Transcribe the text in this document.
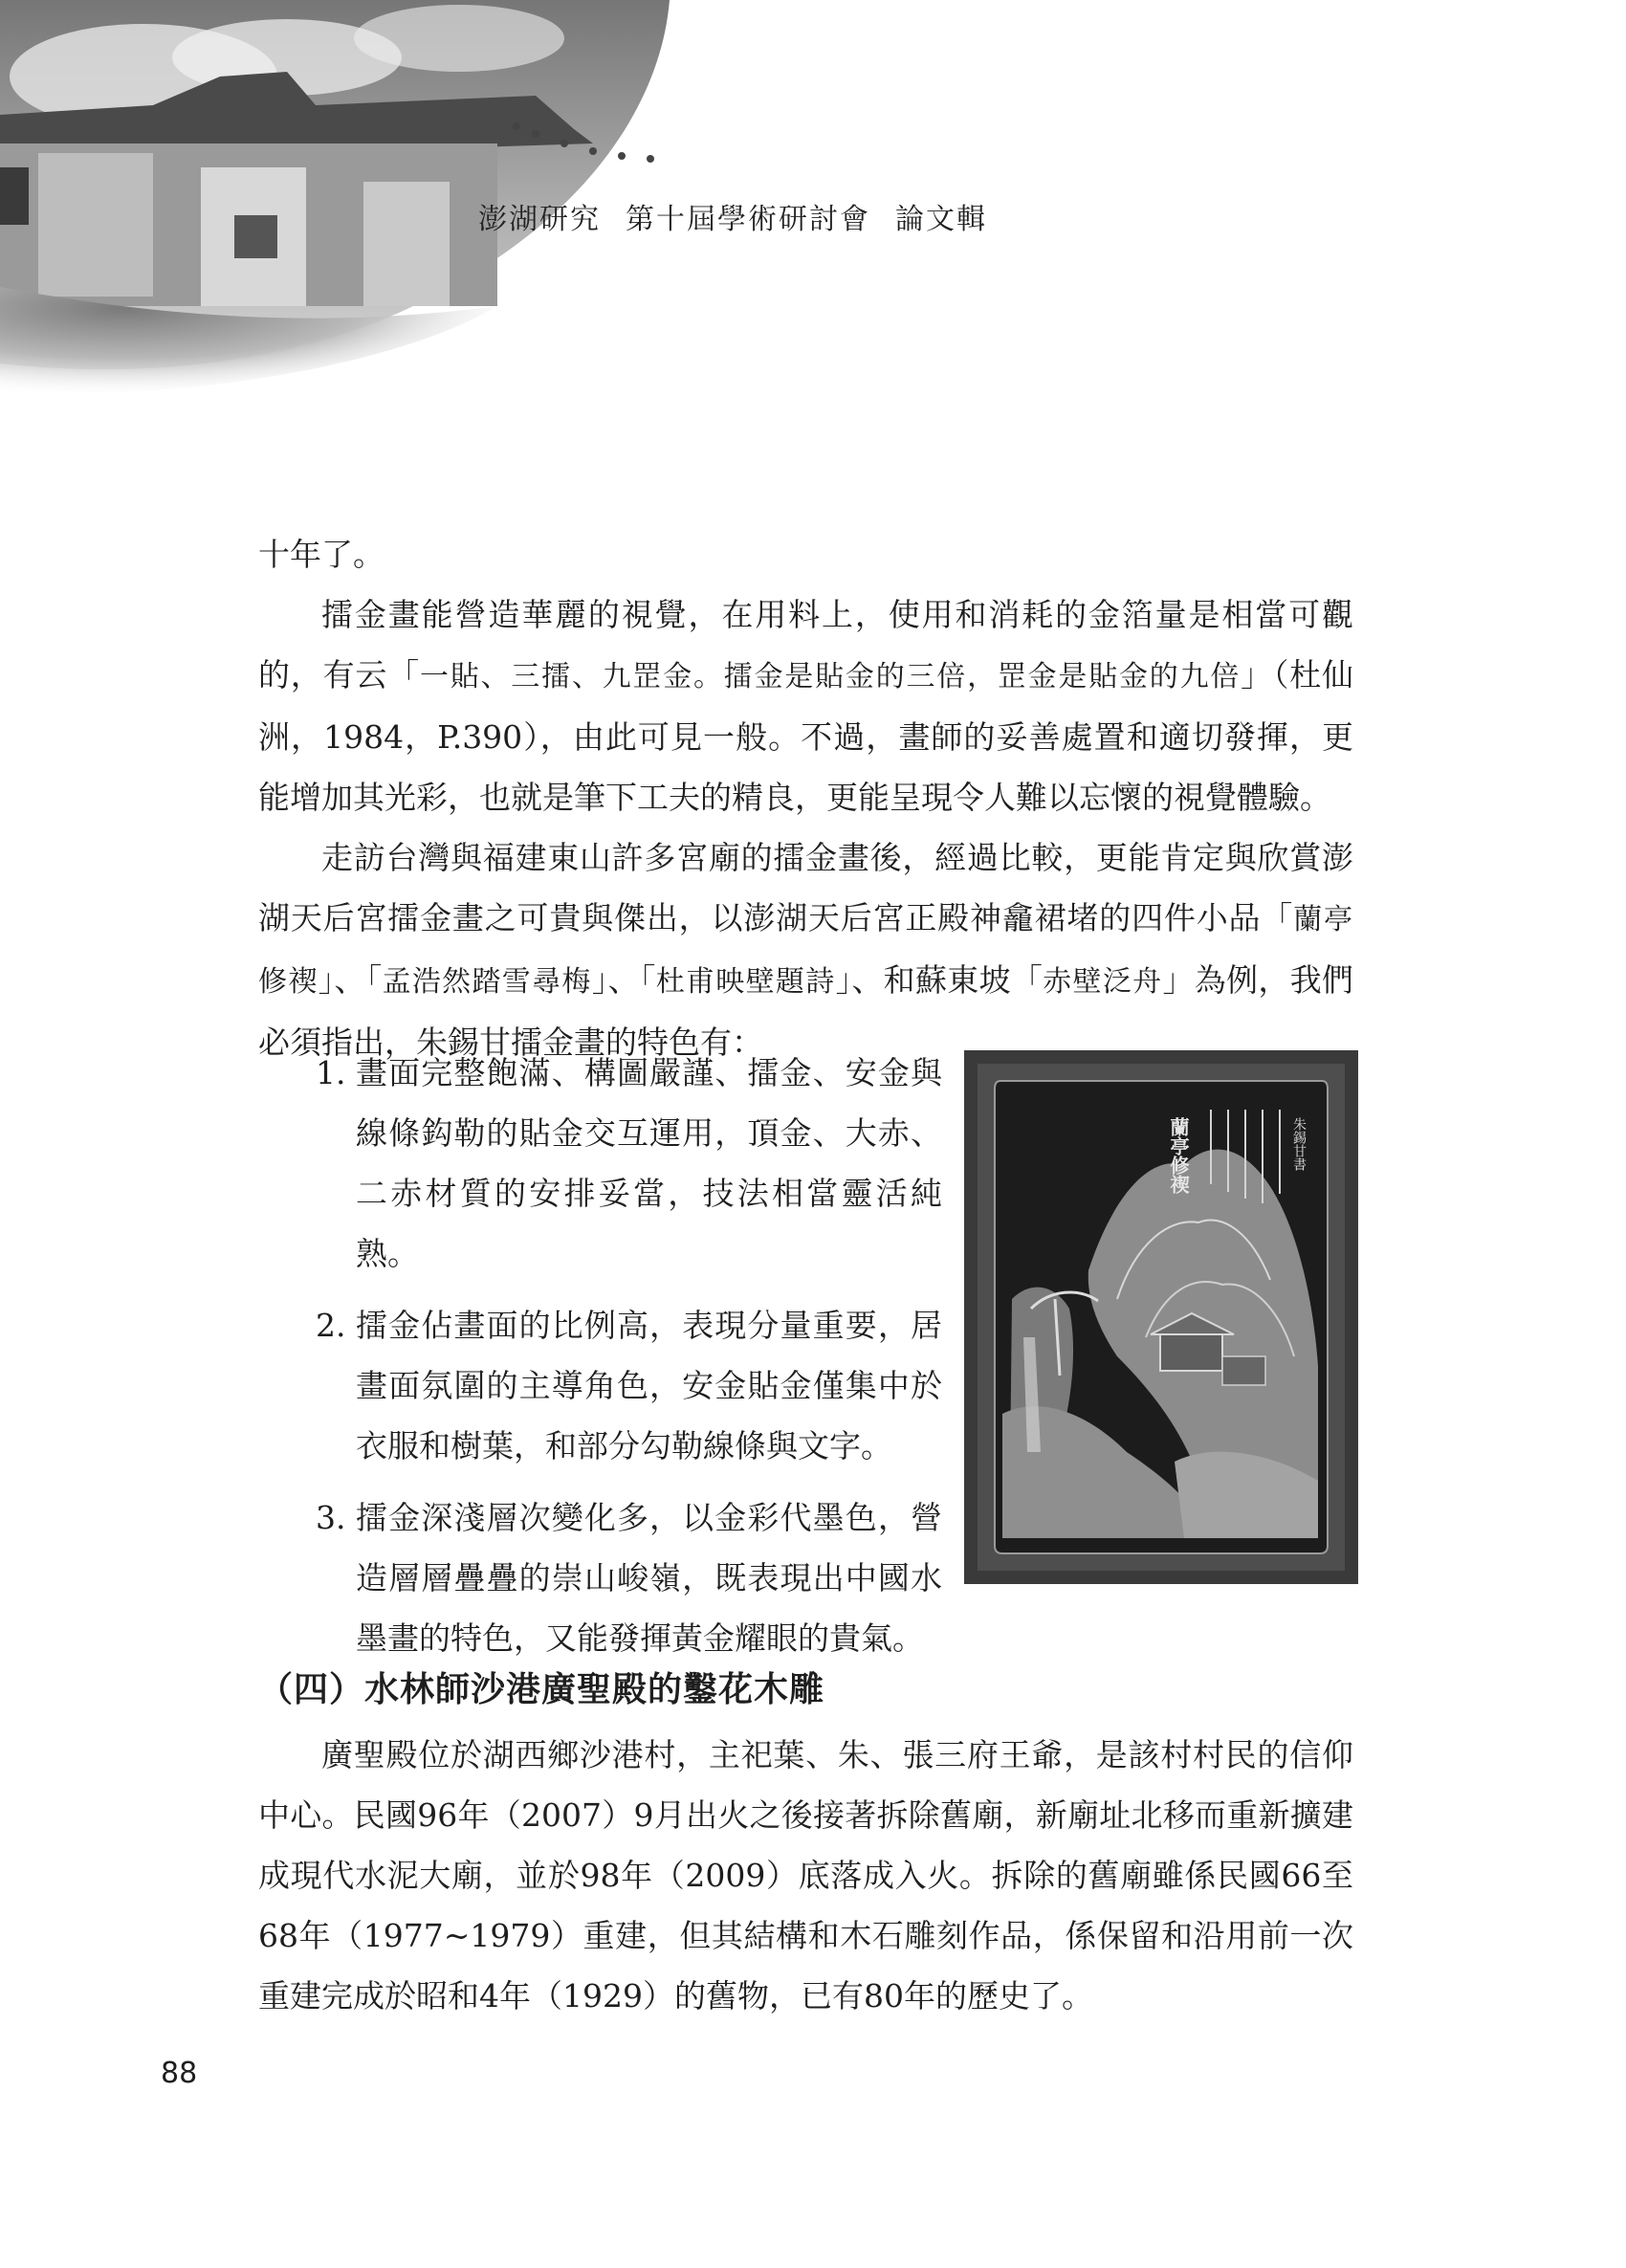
澎湖研究 第十屆學術研討會 論文輯

十年了。

擂金畫能營造華麗的視覺，在用料上，使用和消耗的金箔量是相當可觀的，有云「一貼、三擂、九罡金。擂金是貼金的三倍，罡金是貼金的九倍」（杜仙洲，1984，P.390），由此可見一般。不過，畫師的妥善處置和適切發揮，更能增加其光彩，也就是筆下工夫的精良，更能呈現令人難以忘懷的視覺體驗。

走訪台灣與福建東山許多宮廟的擂金畫後，經過比較，更能肯定與欣賞澎湖天后宮擂金畫之可貴與傑出，以澎湖天后宮正殿神龕裙堵的四件小品「蘭亭修禊」、「孟浩然踏雪尋梅」、「杜甫映壁題詩」、和蘇東坡「赤壁泛舟」為例，我們必須指出，朱錫甘擂金畫的特色有：

1. 畫面完整飽滿、構圖嚴謹、擂金、安金與線條鈎勒的貼金交互運用，頂金、大赤、二赤材質的安排妥當，技法相當靈活純熟。
2. 擂金佔畫面的比例高，表現分量重要，居畫面氛圍的主導角色，安金貼金僅集中於衣服和樹葉，和部分勾勒線條與文字。
3. 擂金深淺層次變化多，以金彩代墨色，營造層層疊疊的崇山峻嶺，既表現出中國水墨畫的特色，又能發揮黃金耀眼的貴氣。
朱錫甘書
蘭亭修禊
（四）水林師沙港廣聖殿的鑿花木雕

廣聖殿位於湖西鄉沙港村，主祀葉、朱、張三府王爺，是該村村民的信仰中心。民國96年（2007）9月出火之後接著拆除舊廟，新廟址北移而重新擴建成現代水泥大廟，並於98年（2009）底落成入火。拆除的舊廟雖係民國66至68年（1977~1979）重建，但其結構和木石雕刻作品，係保留和沿用前一次重建完成於昭和4年（1929）的舊物，已有80年的歷史了。

88
